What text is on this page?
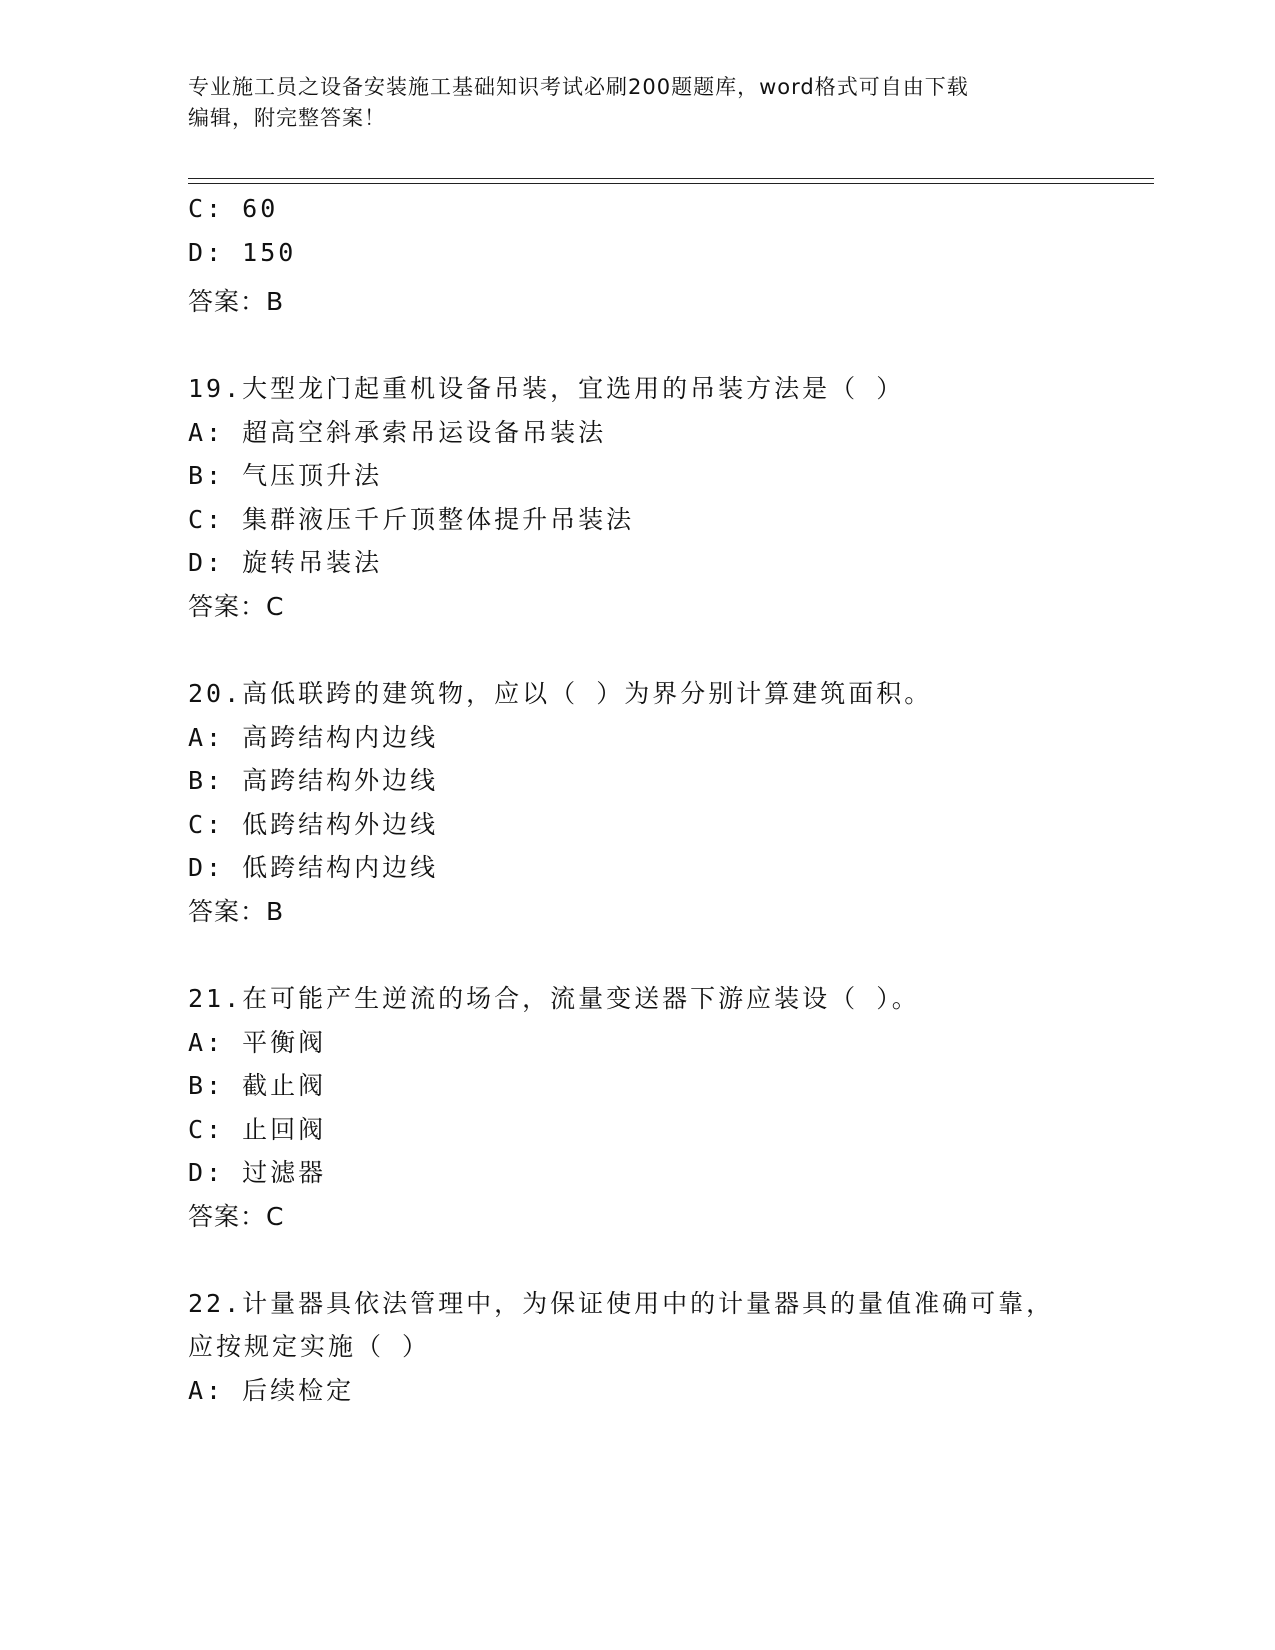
专业施工员之设备安装施工基础知识考试必刷200题题库，word格式可自由下载
编辑，附完整答案！
C: 60
D: 150
答案：B
19.大型龙门起重机设备吊装，宜选用的吊装方法是（ ）
A: 超高空斜承索吊运设备吊装法
B: 气压顶升法
C: 集群液压千斤顶整体提升吊装法
D: 旋转吊装法
答案：C
20.高低联跨的建筑物，应以（ ）为界分别计算建筑面积。
A: 高跨结构内边线
B: 高跨结构外边线
C: 低跨结构外边线
D: 低跨结构内边线
答案：B
21.在可能产生逆流的场合，流量变送器下游应装设（ ）。
A: 平衡阀
B: 截止阀
C: 止回阀
D: 过滤器
答案：C
22.计量器具依法管理中，为保证使用中的计量器具的量值准确可靠，
应按规定实施（ ）
A: 后续检定
